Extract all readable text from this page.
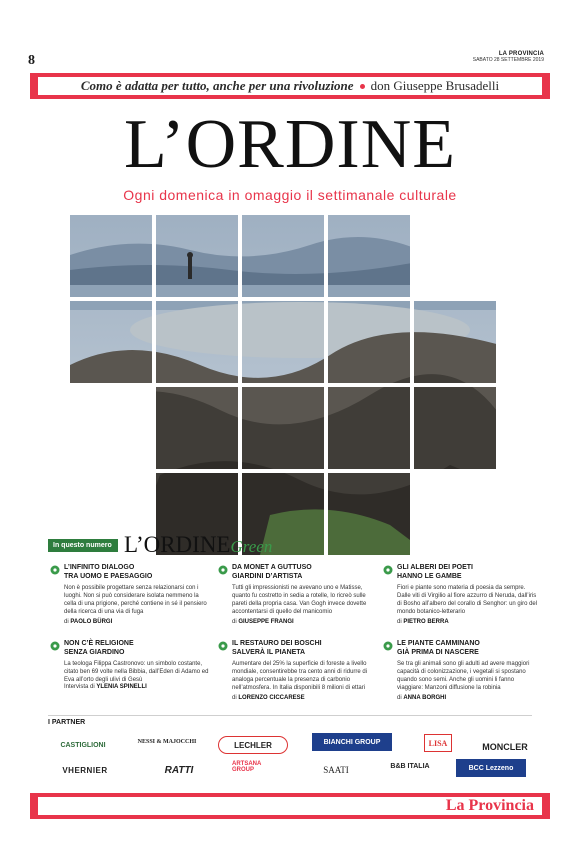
8	LA PROVINCIA
SABATO 28 SETTEMBRE 2019
Como è adatta per tutto, anche per una rivoluzione don Giuseppe Brusadelli
L’ORDINE
Ogni domenica in omaggio il settimanale culturale
In questo numero L’ORDINEGreen
L’INFINITO DIALOGO
TRA UOMO E PAESAGGIO
Non è possibile progettare senza relazionarsi con i luoghi. Non si può considerare isolata nemmeno la cella di una prigione, perché contiene in sé il pensiero della ricerca di una via di fuga
di PAOLO BÜRGI
DA MONET A GUTTUSO
GIARDINI D’ARTISTA
Tutti gli impressionisti ne avevano uno e Matisse, quanto fu costretto in sedia a rotelle, lo ricreò sulle pareti della propria casa. Van Gogh invece dovette accontentarsi di quello del manicomio
di GIUSEPPE FRANGI
GLI ALBERI DEI POETI
HANNO LE GAMBE
Fiori e piante sono materia di poesia da sempre. Dalle viti di Virgilio al fiore azzurro di Neruda, dall’iris di Bosho all’albero del corallo di Senghor: un giro del mondo botanico-letterario
di PIETRO BERRA
NON C’È RELIGIONE
SENZA GIARDINO
La teologa Filippa Castronovo: un simbolo costante, citato ben 69 volte nella Bibbia, dall’Eden di Adamo ed Eva all’orto degli ulivi di Gesù
Intervista di YLENIA SPINELLI
IL RESTAURO DEI BOSCHI
SALVERÀ IL PIANETA
Aumentare del 25% la superficie di foreste a livello mondiale, consentirebbe tra cento anni di ridurre di analoga percentuale la presenza di carbonio nell’atmosfera. In Italia disponibili 8 milioni di ettari
di LORENZO CICCARESE
LE PIANTE CAMMINANO
GIÀ PRIMA DI NASCERE
Se tra gli animali sono gli adulti ad avere maggiori capacità di colonizzazione, i vegetali si spostano quando sono semi. Anche gli uomini li fanno viaggiare: Manzoni diffusione la robinia
di ANNA BORGHI
I PARTNER
CASTIGLIONI	NESSI & MAJOCCHI	LECHLER	BIANCHI GROUP	LISA	MONCLER
VHERNIER	RATTI
ARTSANA GROUP	SAATI	B&B ITALIA	BCC Lezzeno
La Provincia
